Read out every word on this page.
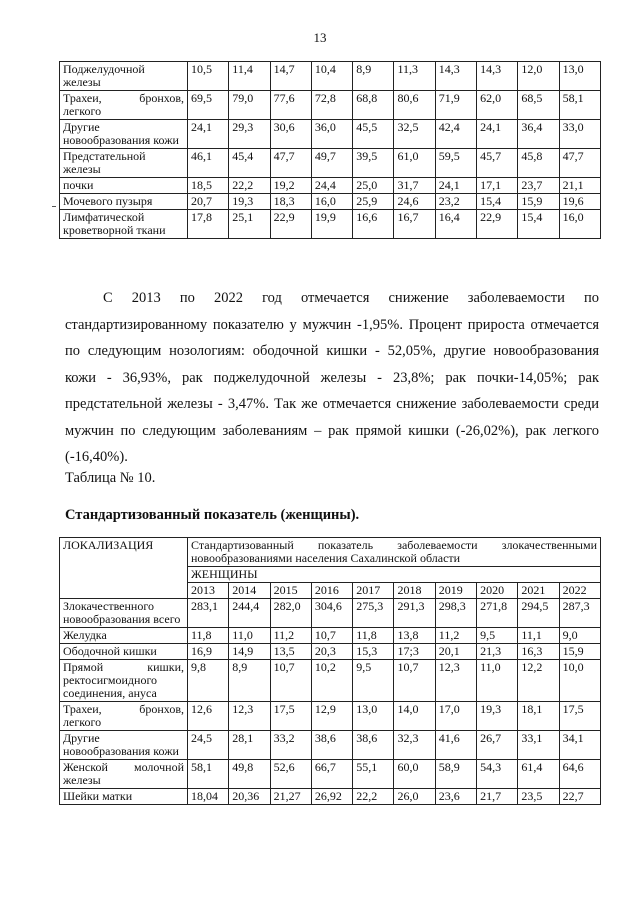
13
Поджелудочной железы	10,5	11,4	14,7	10,4	8,9	11,3	14,3	14,3	12,0	13,0
Трахеи, бронхов, легкого	69,5	79,0	77,6	72,8	68,8	80,6	71,9	62,0	68,5	58,1
Другие новообразования кожи	24,1	29,3	30,6	36,0	45,5	32,5	42,4	24,1	36,4	33,0
Предстательной железы	46,1	45,4	47,7	49,7	39,5	61,0	59,5	45,7	45,8	47,7
почки	18,5	22,2	19,2	24,4	25,0	31,7	24,1	17,1	23,7	21,1
Мочевого пузыря	20,7	19,3	18,3	16,0	25,9	24,6	23,2	15,4	15,9	19,6
Лимфатической кроветворной ткани	17,8	25,1	22,9	19,9	16,6	16,7	16,4	22,9	15,4	16,0
С 2013 по 2022 год отмечается снижение заболеваемости по стандартизированному показателю у мужчин -1,95%. Процент прироста отмечается по следующим нозологиям: ободочной кишки - 52,05%, другие новообразования кожи - 36,93%, рак поджелудочной железы - 23,8%; рак почки-14,05%; рак предстательной железы - 3,47%. Так же отмечается снижение заболеваемости среди мужчин по следующим заболеваниям – рак прямой кишки (-26,02%), рак легкого (-16,40%).
Таблица № 10.
Стандартизованный показатель (женщины).
ЛОКАЛИЗАЦИЯ	Стандартизованный показатель заболеваемости злокачественными новообразованиями населения Сахалинской области									
	ЖЕНЩИНЫ									
	2013	2014	2015	2016	2017	2018	2019	2020	2021	2022
Злокачественного новообразования всего	283,1	244,4	282,0	304,6	275,3	291,3	298,3	271,8	294,5	287,3
Желудка	11,8	11,0	11,2	10,7	11,8	13,8	11,2	9,5	11,1	9,0
Ободочной кишки	16,9	14,9	13,5	20,3	15,3	17;3	20,1	21,3	16,3	15,9
Прямой кишки, ректосигмоидного соединения, ануса	9,8	8,9	10,7	10,2	9,5	10,7	12,3	11,0	12,2	10,0
Трахеи, бронхов, легкого	12,6	12,3	17,5	12,9	13,0	14,0	17,0	19,3	18,1	17,5
Другие новообразования кожи	24,5	28,1	33,2	38,6	38,6	32,3	41,6	26,7	33,1	34,1
Женской молочной железы	58,1	49,8	52,6	66,7	55,1	60,0	58,9	54,3	61,4	64,6
Шейки матки	18,04	20,36	21,27	26,92	22,2	26,0	23,6	21,7	23,5	22,7
